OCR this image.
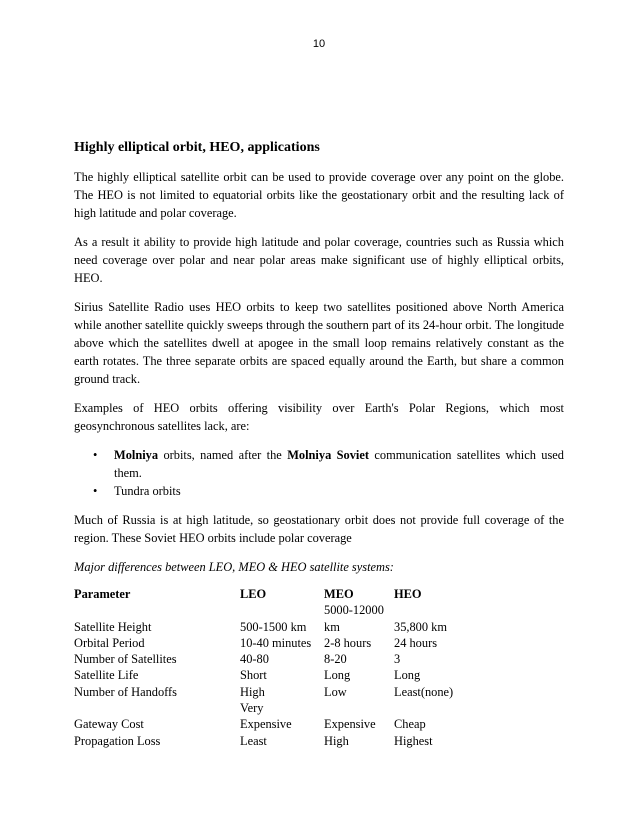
10
Highly elliptical orbit, HEO, applications

The highly elliptical satellite orbit can be used to provide coverage over any point on the globe. The HEO is not limited to equatorial orbits like the geostationary orbit and the resulting lack of high latitude and polar coverage.

As a result it ability to provide high latitude and polar coverage, countries such as Russia which need coverage over polar and near polar areas make significant use of highly elliptical orbits, HEO.

Sirius Satellite Radio uses HEO orbits to keep two satellites positioned above North America while another satellite quickly sweeps through the southern part of its 24-hour orbit. The longitude above which the satellites dwell at apogee in the small loop remains relatively constant as the earth rotates. The three separate orbits are spaced equally around the Earth, but share a common ground track.

Examples of HEO orbits offering visibility over Earth's Polar Regions, which most geosynchronous satellites lack, are:

• Molniya orbits, named after the Molniya Soviet communication satellites which used them.
• Tundra orbits

Much of Russia is at high latitude, so geostationary orbit does not provide full coverage of the region. These Soviet HEO orbits include polar coverage

Major differences between LEO, MEO & HEO satellite systems:

Parameter	LEO	MEO	HEO
Satellite Height	500-1500 km	5000-12000 km	35,800 km
Orbital Period	10-40 minutes	2-8 hours	24 hours
Number of Satellites	40-80	8-20	3
Satellite Life	Short	Long	Long
Number of Handoffs	High	Low	Least(none)
Gateway Cost	Very Expensive	Expensive	Cheap
Propagation Loss	Least	High	Highest
